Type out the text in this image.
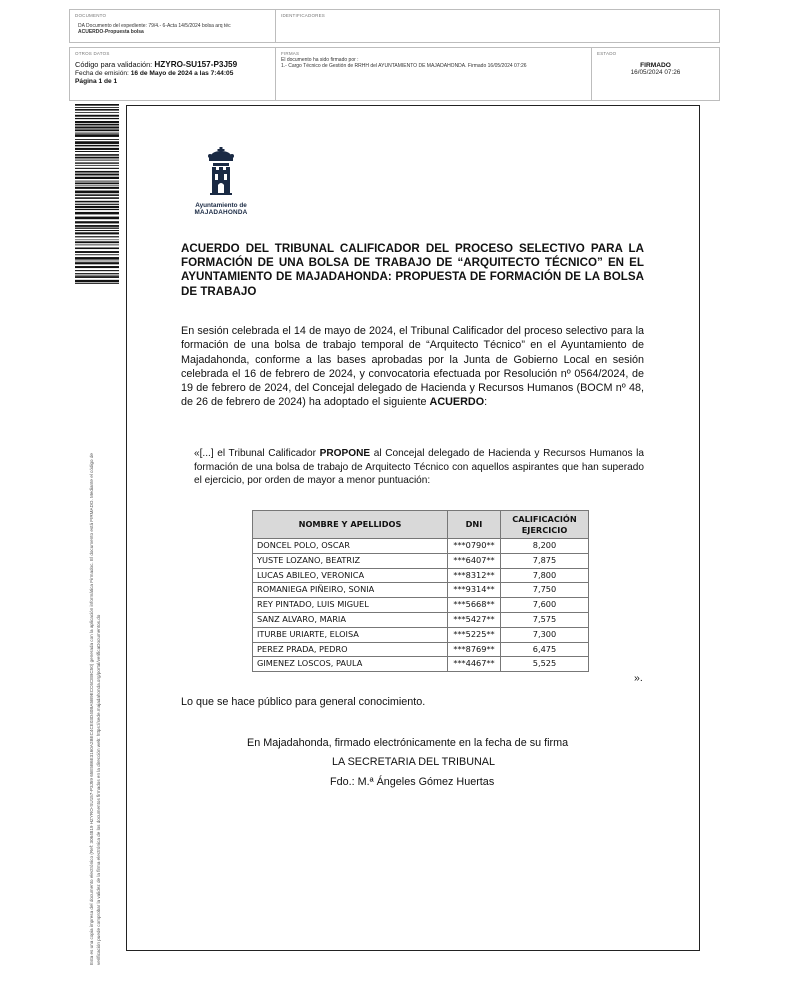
DOCUMENTO
DA Documento del expediente: 79/4.- 6-Acta 14/5/2024 bolsa arq téc
ACUERDO-Propuesta bolsa
IDENTIFICADORES
OTROS DATOS
Código para validación: HZYRO-SU157-P3J59
Fecha de emisión: 16 de Mayo de 2024 a las 7:44:05
Página 1 de 1
FIRMAS
El documento ha sido firmado por :
1.- Cargo Técnico de Gestión de RRHH del AYUNTAMIENTO DE MAJADAHONDA. Firmado 16/05/2024 07:26
ESTADO
FIRMADO
16/05/2024 07:26
Esta es una copia impresa del documento electrónico (Ref: 3064819 HZYRO-SU157-P3J59 65E5B6E3160A2BEC4CE03D40BA5B9ECC6CEBC50) generada con la aplicación informática Firmadoc. El documento está FIRMADO. Mediante el código de verificación puede comprobar la validez de la firma electrónica de los documentos firmados en la dirección web: https://sede.majadahonda.org/portal/verificaDocumentos.do
Ayuntamiento de
MAJADAHONDA
ACUERDO DEL TRIBUNAL CALIFICADOR DEL PROCESO SELECTIVO PARA LA FORMACIÓN DE UNA BOLSA DE TRABAJO DE “ARQUITECTO TÉCNICO” EN EL AYUNTAMIENTO DE MAJADAHONDA: PROPUESTA DE FORMACIÓN DE LA BOLSA DE TRABAJO
En sesión celebrada el 14 de mayo de 2024, el Tribunal Calificador del proceso selectivo para la formación de una bolsa de trabajo temporal de “Arquitecto Técnico” en el Ayuntamiento de Majadahonda, conforme a las bases aprobadas por la Junta de Gobierno Local en sesión celebrada el 16 de febrero de 2024, y convocatoria efectuada por Resolución nº 0564/2024, de 19 de febrero de 2024, del Concejal delegado de Hacienda y Recursos Humanos (BOCM nº 48, de 26 de febrero de 2024) ha adoptado el siguiente ACUERDO:
«[...] el Tribunal Calificador PROPONE al Concejal delegado de Hacienda y Recursos Humanos la formación de una bolsa de trabajo de Arquitecto Técnico con aquellos aspirantes que han superado el ejercicio, por orden de mayor a menor puntuación:
NOMBRE Y APELLIDOS	DNI	CALIFICACIÓN EJERCICIO
DONCEL POLO, OSCAR	***0790**	8,200
YUSTE LOZANO, BEATRIZ	***6407**	7,875
LUCAS ABILEO, VERONICA	***8312**	7,800
ROMANIEGA PIÑEIRO, SONIA	***9314**	7,750
REY PINTADO, LUIS MIGUEL	***5668**	7,600
SANZ ALVARO, MARIA	***5427**	7,575
ITURBE URIARTE, ELOISA	***5225**	7,300
PEREZ PRADA, PEDRO	***8769**	6,475
GIMENEZ LOSCOS, PAULA	***4467**	5,525
».
Lo que se hace público para general conocimiento.
En Majadahonda, firmado electrónicamente en la fecha de su firma
LA SECRETARIA DEL TRIBUNAL
Fdo.: M.ª Ángeles Gómez Huertas
